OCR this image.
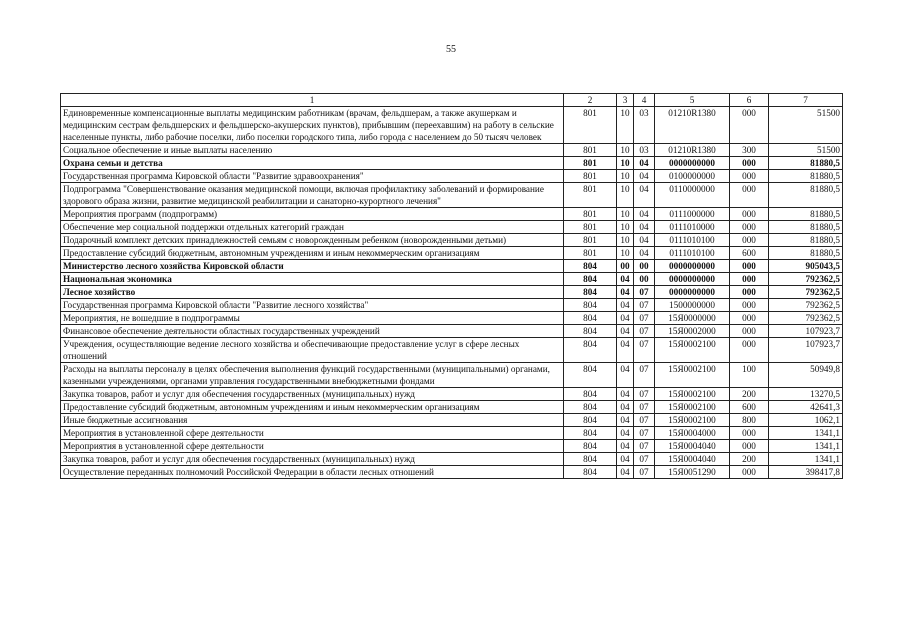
55
1	2	3	4	5	6	7
Единовременные компенсационные выплаты медицинским работникам (врачам, фельдшерам, а также акушеркам и медицинским сестрам фельдшерских и фельдшерско-акушерских пунктов), прибывшим (переехавшим) на работу в сельские населенные пункты, либо рабочие поселки, либо поселки городского типа, либо города с населением до 50 тысяч человек	801	10	03	01210R1380	000	51500
Социальное обеспечение и иные выплаты населению	801	10	03	01210R1380	300	51500
Охрана семьи и детства	801	10	04	0000000000	000	81880,5
Государственная программа Кировской области "Развитие здравоохранения"	801	10	04	0100000000	000	81880,5
Подпрограмма "Совершенствование оказания медицинской помощи, включая профилактику заболеваний и формирование здорового образа жизни, развитие медицинской реабилитации и санаторно-курортного лечения"	801	10	04	0110000000	000	81880,5
Мероприятия программ (подпрограмм)	801	10	04	0111000000	000	81880,5
Обеспечение мер социальной поддержки отдельных категорий граждан	801	10	04	0111010000	000	81880,5
Подарочный комплект детских принадлежностей семьям с новорожденным ребенком (новорожденными детьми)	801	10	04	0111010100	000	81880,5
Предоставление субсидий бюджетным, автономным учреждениям и иным некоммерческим организациям	801	10	04	0111010100	600	81880,5
Министерство лесного хозяйства Кировской области	804	00	00	0000000000	000	905043,5
Национальная экономика	804	04	00	0000000000	000	792362,5
Лесное хозяйство	804	04	07	0000000000	000	792362,5
Государственная программа Кировской области "Развитие лесного хозяйства"	804	04	07	1500000000	000	792362,5
Мероприятия, не вошедшие в подпрограммы	804	04	07	15Я0000000	000	792362,5
Финансовое обеспечение деятельности областных государственных учреждений	804	04	07	15Я0002000	000	107923,7
Учреждения, осуществляющие ведение лесного хозяйства и обеспечивающие предоставление услуг в сфере лесных отношений	804	04	07	15Я0002100	000	107923,7
Расходы на выплаты персоналу в целях обеспечения выполнения функций государственными (муниципальными) органами, казенными учреждениями, органами управления государственными внебюджетными фондами	804	04	07	15Я0002100	100	50949,8
Закупка товаров, работ и услуг для обеспечения государственных (муниципальных) нужд	804	04	07	15Я0002100	200	13270,5
Предоставление субсидий бюджетным, автономным учреждениям и иным некоммерческим организациям	804	04	07	15Я0002100	600	42641,3
Иные бюджетные ассигнования	804	04	07	15Я0002100	800	1062,1
Мероприятия в установленной сфере деятельности	804	04	07	15Я0004000	000	1341,1
Мероприятия в установленной сфере деятельности	804	04	07	15Я0004040	000	1341,1
Закупка товаров, работ и услуг для обеспечения государственных (муниципальных) нужд	804	04	07	15Я0004040	200	1341,1
Осуществление переданных полномочий Российской Федерации в области лесных отношений	804	04	07	15Я0051290	000	398417,8
